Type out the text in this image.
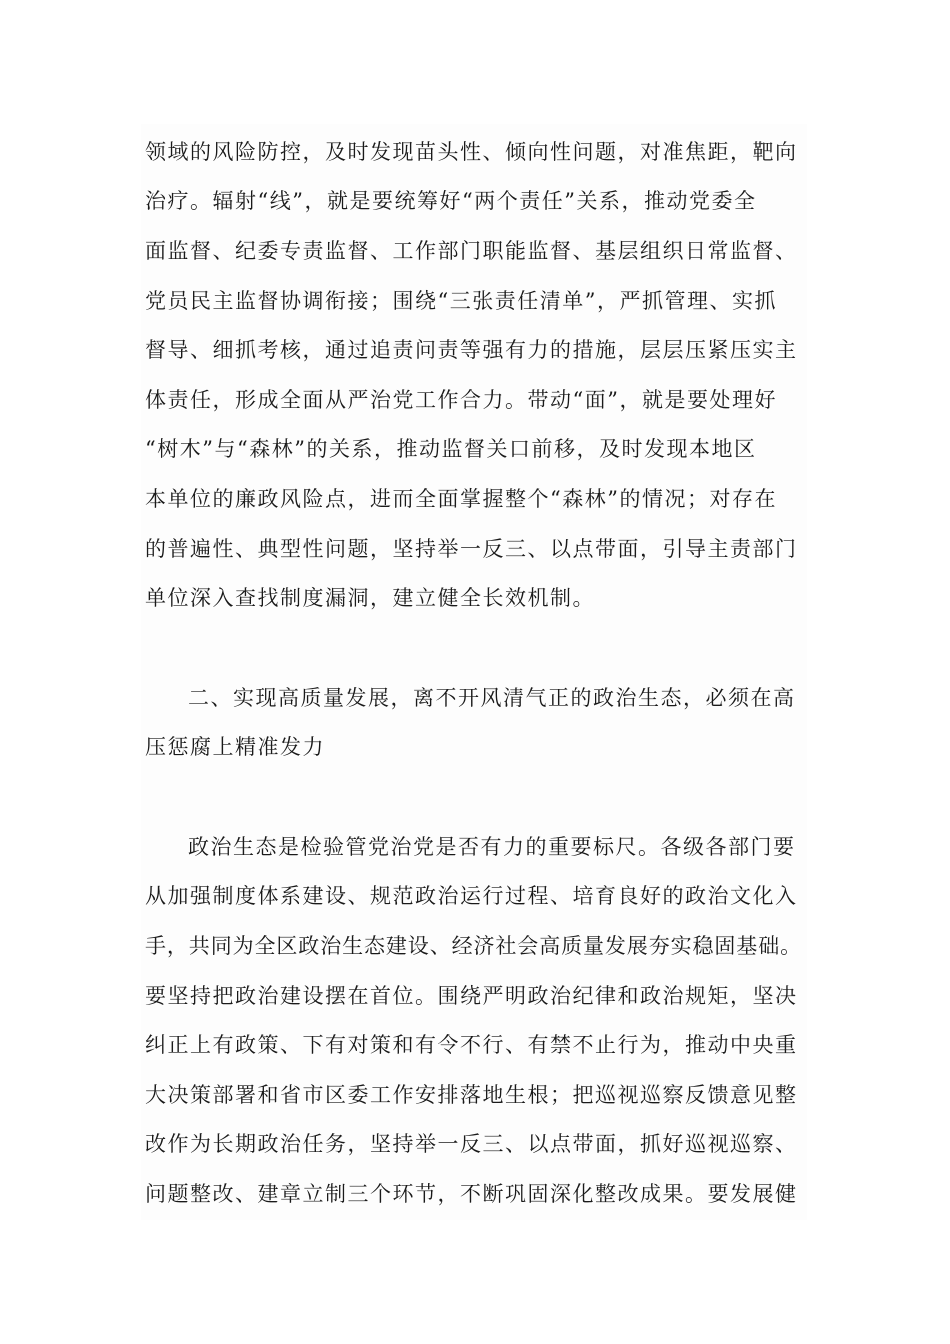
领域的风险防控，及时发现苗头性、倾向性问题，对准焦距，靶向
治疗。辐射“线”，就是要统筹好“两个责任”关系，推动党委全
面监督、纪委专责监督、工作部门职能监督、基层组织日常监督、
党员民主监督协调衔接；围绕“三张责任清单”，严抓管理、实抓
督导、细抓考核，通过追责问责等强有力的措施，层层压紧压实主
体责任，形成全面从严治党工作合力。带动“面”，就是要处理好
“树木”与“森林”的关系，推动监督关口前移，及时发现本地区
本单位的廉政风险点，进而全面掌握整个“森林”的情况；对存在
的普遍性、典型性问题，坚持举一反三、以点带面，引导主责部门
单位深入查找制度漏洞，建立健全长效机制。
二、实现高质量发展，离不开风清气正的政治生态，必须在高
压惩腐上精准发力
政治生态是检验管党治党是否有力的重要标尺。各级各部门要
从加强制度体系建设、规范政治运行过程、培育良好的政治文化入
手，共同为全区政治生态建设、经济社会高质量发展夯实稳固基础。
要坚持把政治建设摆在首位。围绕严明政治纪律和政治规矩，坚决
纠正上有政策、下有对策和有令不行、有禁不止行为，推动中央重
大决策部署和省市区委工作安排落地生根；把巡视巡察反馈意见整
改作为长期政治任务，坚持举一反三、以点带面，抓好巡视巡察、
问题整改、建章立制三个环节，不断巩固深化整改成果。要发展健
